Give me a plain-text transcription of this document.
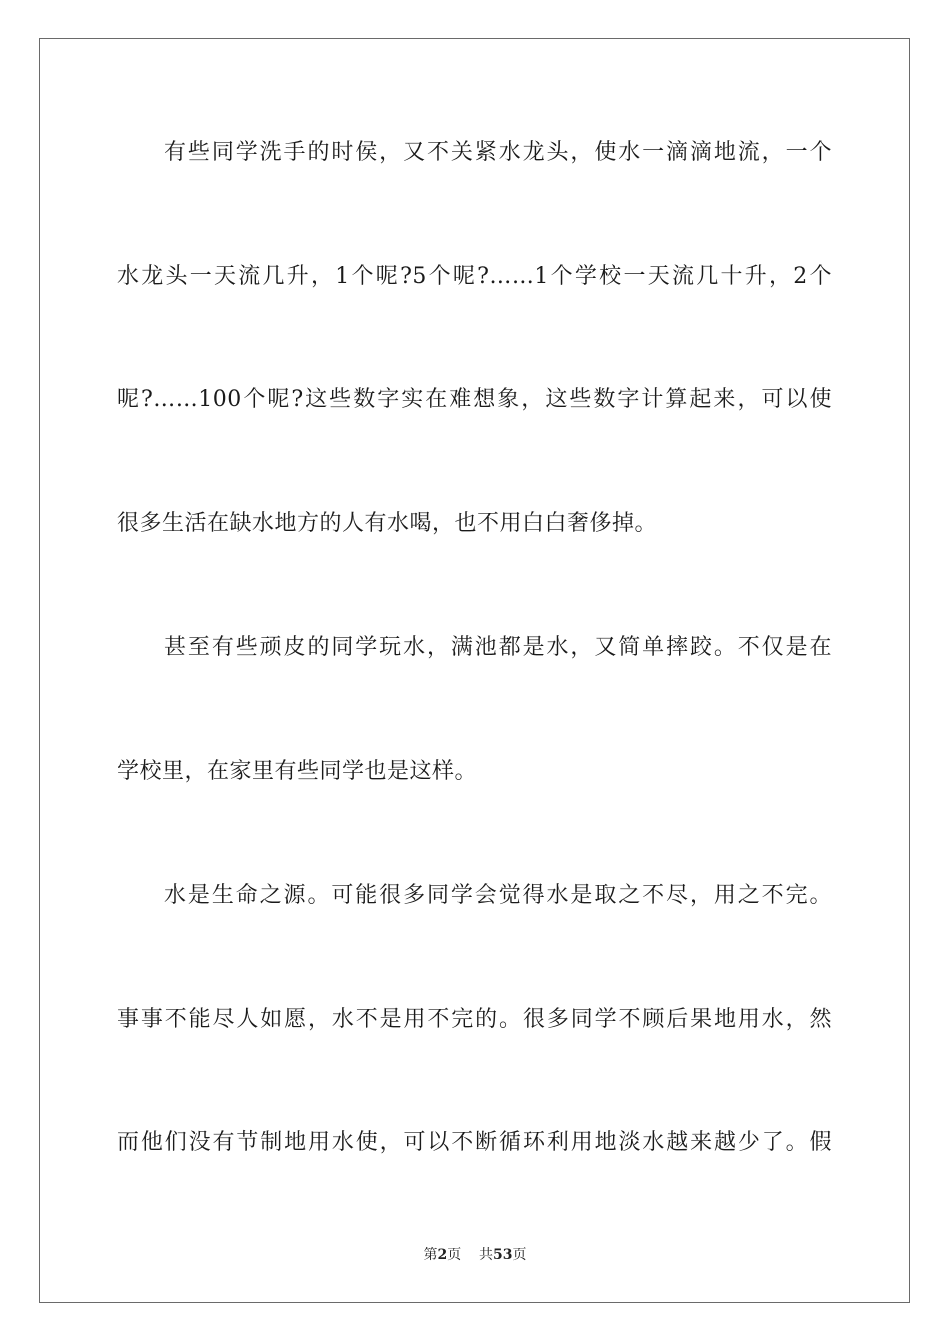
有些同学洗手的时侯，又不关紧水龙头，使水一滴滴地流，一个
水龙头一天流几升，1个呢?5个呢?……1个学校一天流几十升，2个
呢?……100个呢?这些数字实在难想象，这些数字计算起来，可以使
很多生活在缺水地方的人有水喝，也不用白白奢侈掉。
甚至有些顽皮的同学玩水，满池都是水，又简单摔跤。不仅是在
学校里，在家里有些同学也是这样。
水是生命之源。可能很多同学会觉得水是取之不尽，用之不完。
事事不能尽人如愿，水不是用不完的。很多同学不顾后果地用水，然
而他们没有节制地用水使，可以不断循环利用地淡水越来越少了。假
第2页 共53页
